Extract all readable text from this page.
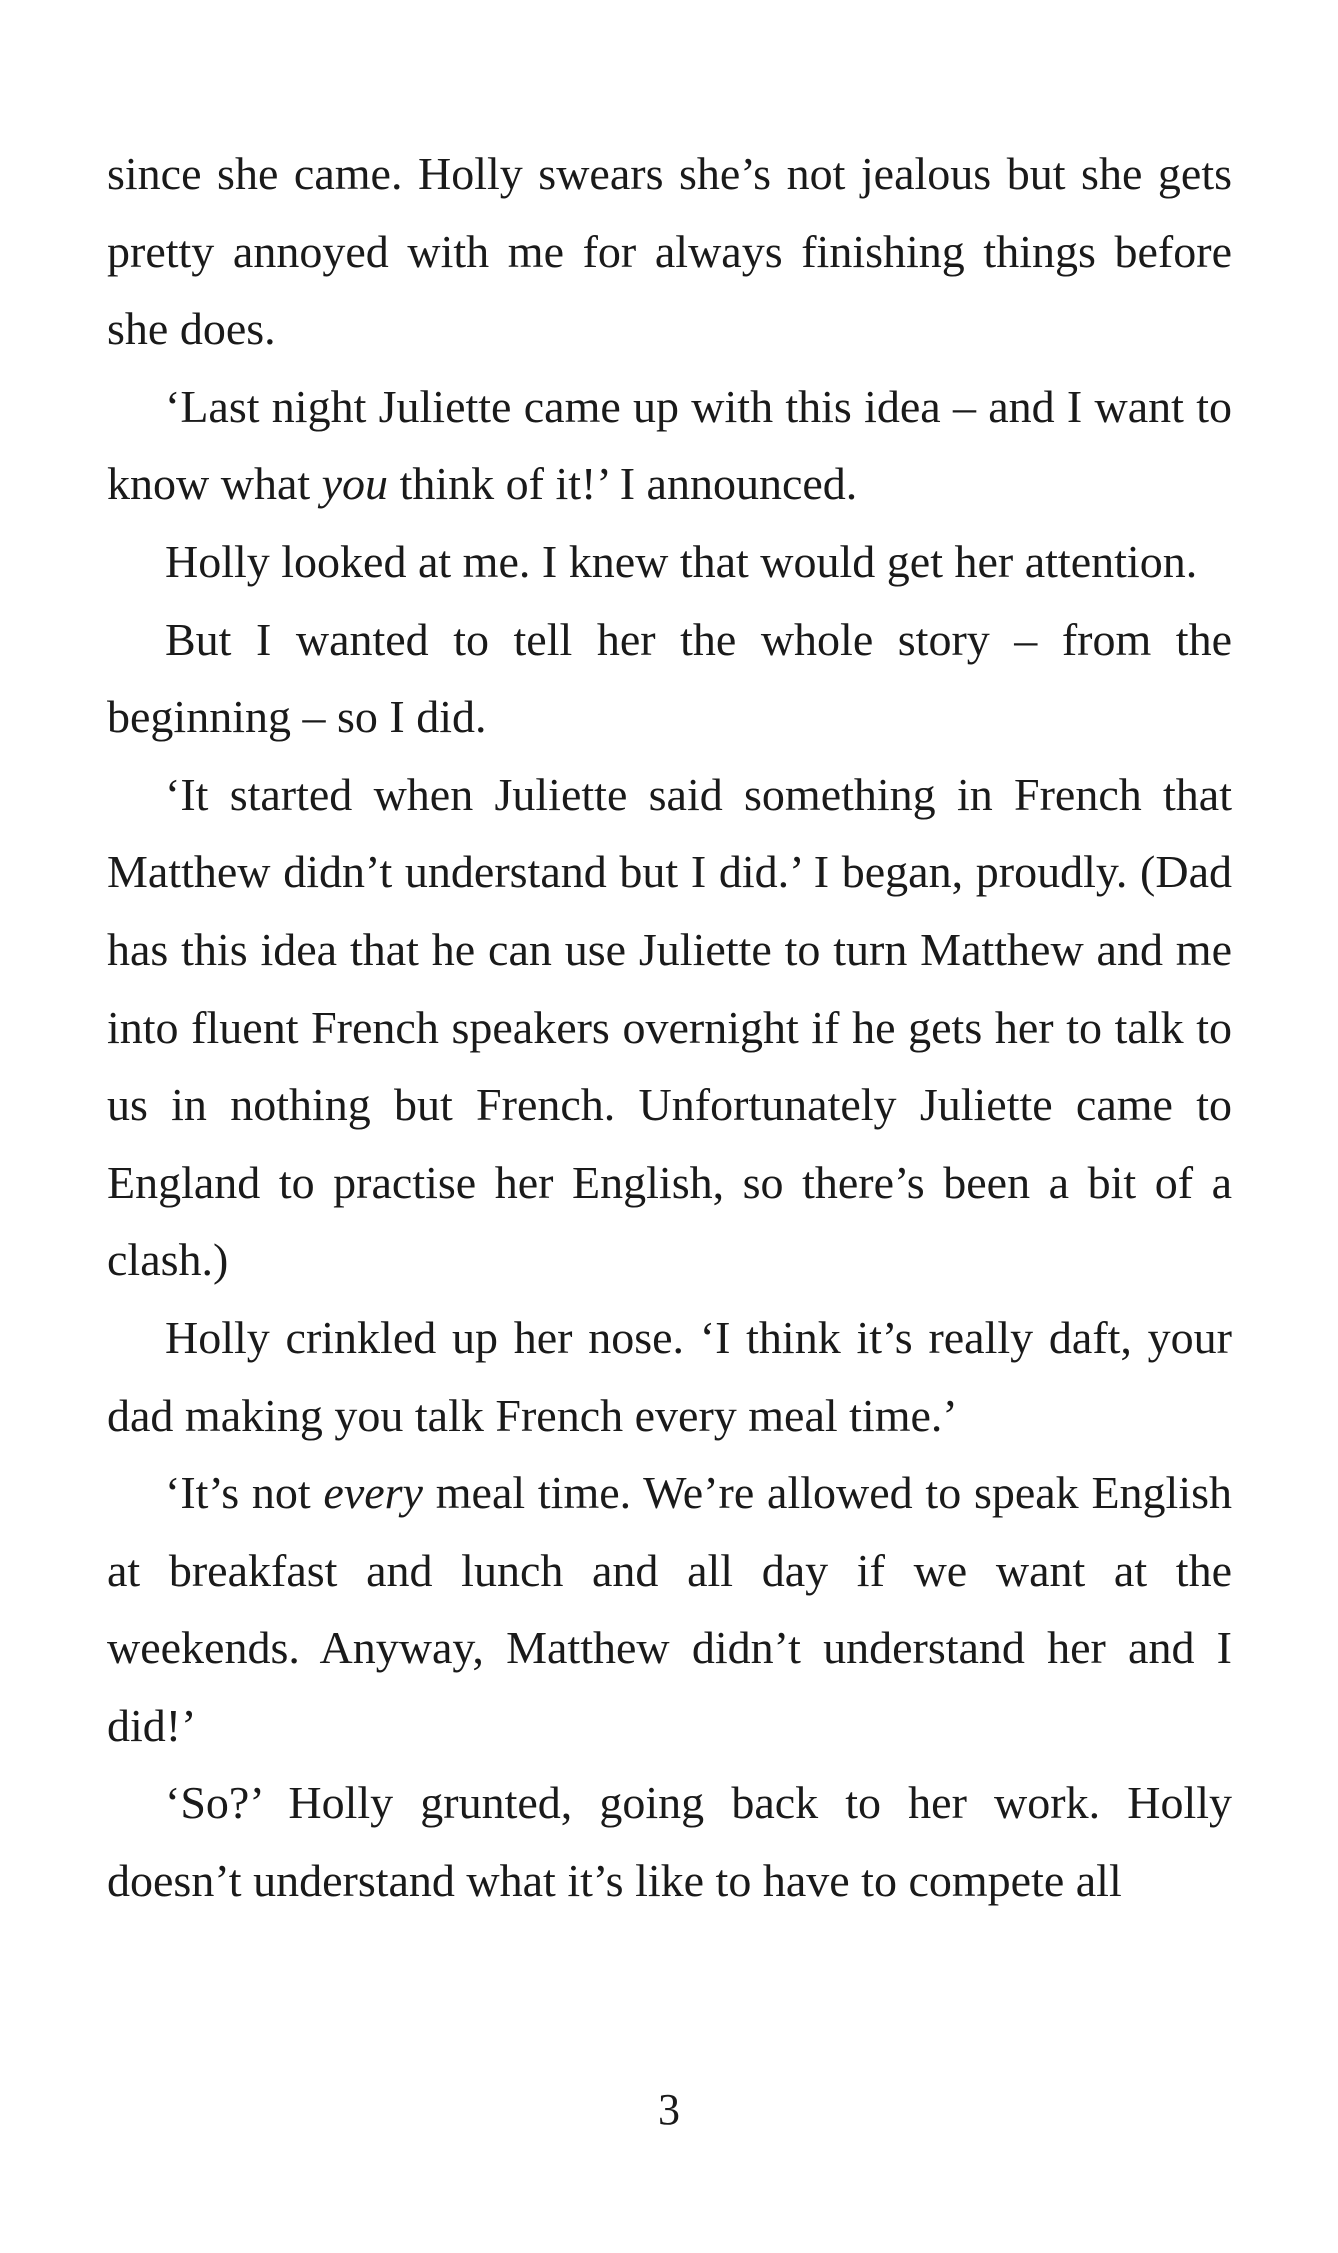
since she came. Holly swears she’s not jealous but she gets pretty annoyed with me for always finishing things before she does.

‘Last night Juliette came up with this idea – and I want to know what you think of it!’ I announced.

Holly looked at me. I knew that would get her attention.

But I wanted to tell her the whole story – from the beginning – so I did.

‘It started when Juliette said something in French that Matthew didn’t understand but I did.’ I began, proudly. (Dad has this idea that he can use Juliette to turn Matthew and me into fluent French speakers overnight if he gets her to talk to us in nothing but French. Unfortunately Juliette came to England to practise her English, so there’s been a bit of a clash.)

Holly crinkled up her nose. ‘I think it’s really daft, your dad making you talk French every meal time.’

‘It’s not every meal time. We’re allowed to speak English at breakfast and lunch and all day if we want at the weekends. Anyway, Matthew didn’t understand her and I did!’

‘So?’ Holly grunted, going back to her work. Holly doesn’t understand what it’s like to have to compete all

3
